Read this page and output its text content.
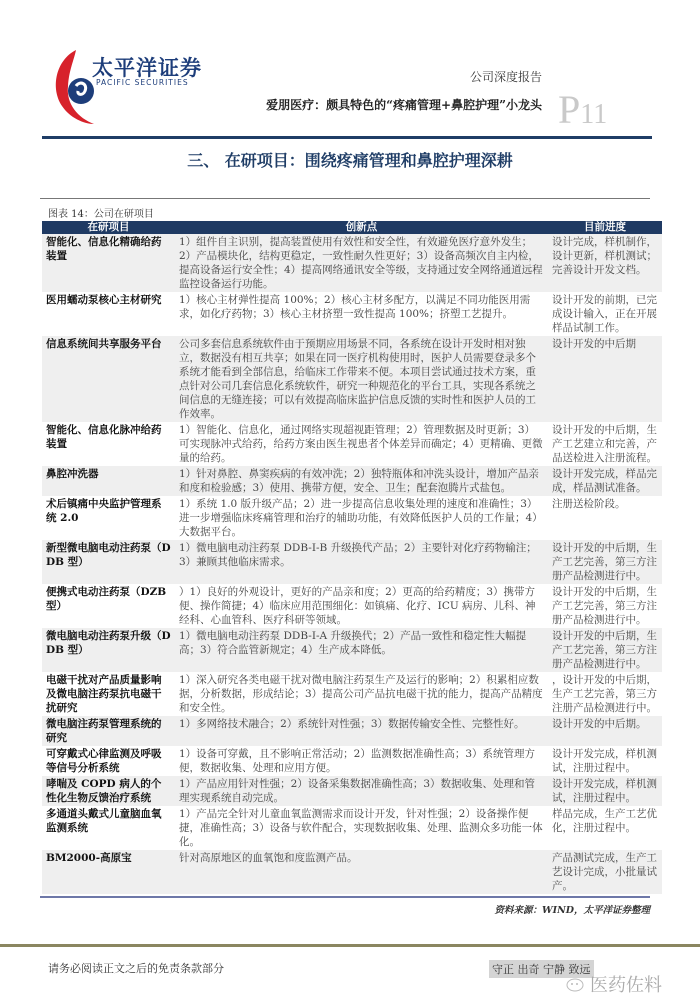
太平洋证券
PACIFIC SECURITIES	公司深度报告
爱朋医疗：颇具特色的“疼痛管理+鼻腔护理”小龙头 P11
三、 在研项目：围绕疼痛管理和鼻腔护理深耕
图表 14：公司在研项目
在研项目	创新点	目前进度
智能化、信息化精确给药装置	1）组件自主识别，提高装置使用有效性和安全性，有效避免医疗意外发生；2）产品模块化，结构更稳定，一致性耐久性更好；3）设备高频次自主内检，提高设备运行安全性；4）提高网络通讯安全等级，支持通过安全网络通道远程监控设备运行功能。	设计完成，样机制作，设计更新，样机测试；完善设计开发文档。
医用蠕动泵核心主材研究	1）核心主材弹性提高 100%；2）核心主材多配方，以满足不同功能医用需求，如化疗药物；3）核心主材挤塑一致性提高 100%；挤塑工艺提升。	设计开发的前期，已完成设计输入，正在开展样品试制工作。
信息系统间共享服务平台	公司多套信息系统软件由于预期应用场景不同，各系统在设计开发时相对独立，数据没有相互共享；如果在同一医疗机构使用时，医护人员需要登录多个系统才能看到全部信息，给临床工作带来不便。本项目尝试通过技术方案，重点针对公司几套信息化系统软件，研究一种规范化的平台工具，实现各系统之间信息的无缝连接；可以有效提高临床监护信息反馈的实时性和医护人员的工作效率。	设计开发的中后期
智能化、信息化脉冲给药装置	1）智能化、信息化，通过网络实现超视距管理；2）管理数据及时更新；3）可实现脉冲式给药，给药方案由医生视患者个体差异而确定；4）更精确、更微量的给药。	设计开发的中后期，生产工艺建立和完善，产品送检进入注册流程。
鼻腔冲洗器	1）针对鼻腔、鼻窦疾病的有效冲洗；2）独特瓶体和冲洗头设计，增加产品亲和度和检验感；3）使用、携带方便，安全、卫生；配套泡腾片式盐包。	设计开发完成，样品完成，样品测试准备。
术后镇痛中央监护管理系统 2.0	1）系统 1.0 版升级产品；2）进一步提高信息收集处理的速度和准确性；3）进一步增强临床疼痛管理和治疗的辅助功能，有效降低医护人员的工作量；4）大数据平台。	注册送检阶段。
新型微电脑电动注药泵（DDB 型）	1）微电脑电动注药泵 DDB-Ⅰ-B 升级换代产品；2）主要针对化疗药物输注；3）兼顾其他临床需求。	设计开发的中后期，生产工艺完善，第三方注册产品检测进行中。
便携式电动注药泵（DZB 型）	）1）良好的外观设计，更好的产品亲和度；2）更高的给药精度；3）携带方便、操作简捷；4）临床应用范围细化：如镇痛、化疗、ICU 病房、儿科、神经科、心血管科、医疗科研等领域。	设计开发的中后期，生产工艺完善，第三方注册产品检测进行中。
微电脑电动注药泵升级（DDB 型）	1）微电脑电动注药泵 DDB-Ⅰ-A 升级换代；2）产品一致性和稳定性大幅提高；3）符合监管新规定；4）生产成本降低。	设计开发的中后期，生产工艺完善，第三方注册产品检测进行中。
电磁干扰对产品质量影响及微电脑注药泵抗电磁干扰研究	1）深入研究各类电磁干扰对微电脑注药泵生产及运行的影响；2）积累相应数据，分析数据，形成结论；3）提高公司产品抗电磁干扰的能力，提高产品精度和安全性。	，设计开发的中后期，生产工艺完善，第三方注册产品检测进行中。
微电脑注药泵管理系统的研究	1）多网络技术融合；2）系统针对性强；3）数据传输安全性、完整性好。	设计开发的中后期。
可穿戴式心律监测及呼吸等信号分析系统	1）设备可穿戴，且不影响正常活动；2）监测数据准确性高；3）系统管理方便，数据收集、处理和应用方便。	设计开发完成，样机测试，注册过程中。
哮喘及 COPD 病人的个性化生物反馈治疗系统	1）产品应用针对性强；2）设备采集数据准确性高；3）数据收集、处理和管理实现系统自动完成。	设计开发完成，样机测试，注册过程中。
多通道头戴式儿童脑血氧监测系统	1）产品完全针对儿童血氧监测需求而设计开发，针对性强；2）设备操作便捷，准确性高；3）设备与软件配合，实现数据收集、处理、监测众多功能一体化。	样品完成，生产工艺优化，注册过程中。
BM2000-高原宝	针对高原地区的血氧饱和度监测产品。	产品测试完成，生产工艺设计完成，小批量试产。
资料来源：WIND，太平洋证券整理
请务必阅读正文之后的免责条款部分	守正 出奇 宁静 致远
医药佐料
